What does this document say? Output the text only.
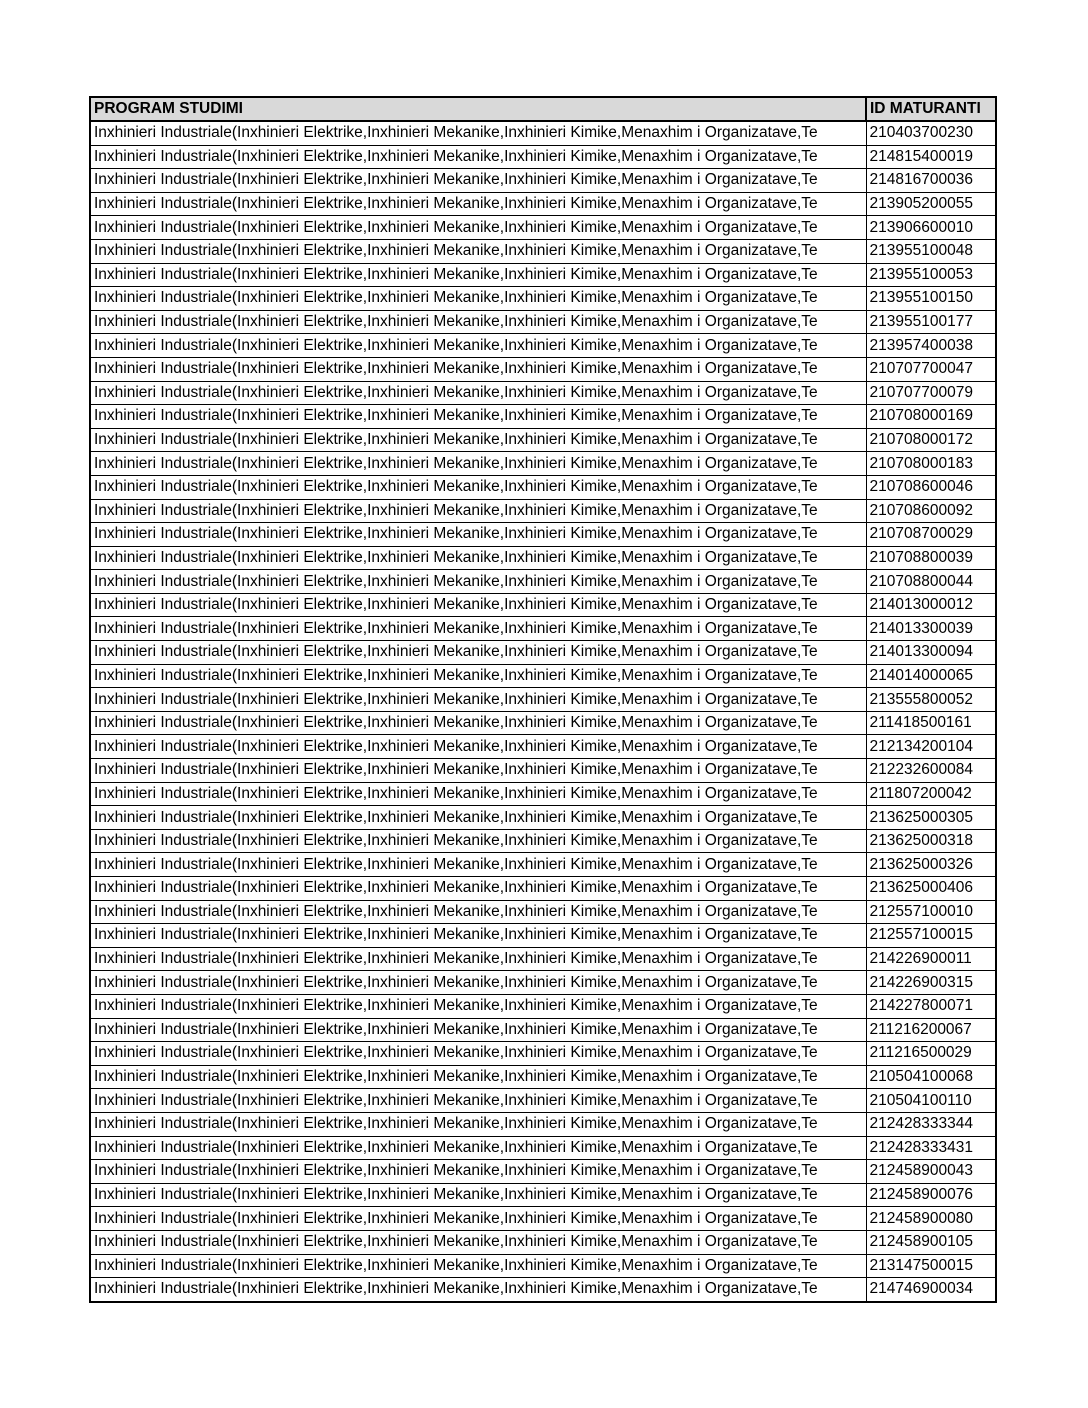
PROGRAM STUDIMI	ID MATURANTI
Inxhinieri Industriale(Inxhinieri Elektrike,Inxhinieri Mekanike,Inxhinieri Kimike,Menaxhim i Organizatave,Te	210403700230
Inxhinieri Industriale(Inxhinieri Elektrike,Inxhinieri Mekanike,Inxhinieri Kimike,Menaxhim i Organizatave,Te	214815400019
Inxhinieri Industriale(Inxhinieri Elektrike,Inxhinieri Mekanike,Inxhinieri Kimike,Menaxhim i Organizatave,Te	214816700036
Inxhinieri Industriale(Inxhinieri Elektrike,Inxhinieri Mekanike,Inxhinieri Kimike,Menaxhim i Organizatave,Te	213905200055
Inxhinieri Industriale(Inxhinieri Elektrike,Inxhinieri Mekanike,Inxhinieri Kimike,Menaxhim i Organizatave,Te	213906600010
Inxhinieri Industriale(Inxhinieri Elektrike,Inxhinieri Mekanike,Inxhinieri Kimike,Menaxhim i Organizatave,Te	213955100048
Inxhinieri Industriale(Inxhinieri Elektrike,Inxhinieri Mekanike,Inxhinieri Kimike,Menaxhim i Organizatave,Te	213955100053
Inxhinieri Industriale(Inxhinieri Elektrike,Inxhinieri Mekanike,Inxhinieri Kimike,Menaxhim i Organizatave,Te	213955100150
Inxhinieri Industriale(Inxhinieri Elektrike,Inxhinieri Mekanike,Inxhinieri Kimike,Menaxhim i Organizatave,Te	213955100177
Inxhinieri Industriale(Inxhinieri Elektrike,Inxhinieri Mekanike,Inxhinieri Kimike,Menaxhim i Organizatave,Te	213957400038
Inxhinieri Industriale(Inxhinieri Elektrike,Inxhinieri Mekanike,Inxhinieri Kimike,Menaxhim i Organizatave,Te	210707700047
Inxhinieri Industriale(Inxhinieri Elektrike,Inxhinieri Mekanike,Inxhinieri Kimike,Menaxhim i Organizatave,Te	210707700079
Inxhinieri Industriale(Inxhinieri Elektrike,Inxhinieri Mekanike,Inxhinieri Kimike,Menaxhim i Organizatave,Te	210708000169
Inxhinieri Industriale(Inxhinieri Elektrike,Inxhinieri Mekanike,Inxhinieri Kimike,Menaxhim i Organizatave,Te	210708000172
Inxhinieri Industriale(Inxhinieri Elektrike,Inxhinieri Mekanike,Inxhinieri Kimike,Menaxhim i Organizatave,Te	210708000183
Inxhinieri Industriale(Inxhinieri Elektrike,Inxhinieri Mekanike,Inxhinieri Kimike,Menaxhim i Organizatave,Te	210708600046
Inxhinieri Industriale(Inxhinieri Elektrike,Inxhinieri Mekanike,Inxhinieri Kimike,Menaxhim i Organizatave,Te	210708600092
Inxhinieri Industriale(Inxhinieri Elektrike,Inxhinieri Mekanike,Inxhinieri Kimike,Menaxhim i Organizatave,Te	210708700029
Inxhinieri Industriale(Inxhinieri Elektrike,Inxhinieri Mekanike,Inxhinieri Kimike,Menaxhim i Organizatave,Te	210708800039
Inxhinieri Industriale(Inxhinieri Elektrike,Inxhinieri Mekanike,Inxhinieri Kimike,Menaxhim i Organizatave,Te	210708800044
Inxhinieri Industriale(Inxhinieri Elektrike,Inxhinieri Mekanike,Inxhinieri Kimike,Menaxhim i Organizatave,Te	214013000012
Inxhinieri Industriale(Inxhinieri Elektrike,Inxhinieri Mekanike,Inxhinieri Kimike,Menaxhim i Organizatave,Te	214013300039
Inxhinieri Industriale(Inxhinieri Elektrike,Inxhinieri Mekanike,Inxhinieri Kimike,Menaxhim i Organizatave,Te	214013300094
Inxhinieri Industriale(Inxhinieri Elektrike,Inxhinieri Mekanike,Inxhinieri Kimike,Menaxhim i Organizatave,Te	214014000065
Inxhinieri Industriale(Inxhinieri Elektrike,Inxhinieri Mekanike,Inxhinieri Kimike,Menaxhim i Organizatave,Te	213555800052
Inxhinieri Industriale(Inxhinieri Elektrike,Inxhinieri Mekanike,Inxhinieri Kimike,Menaxhim i Organizatave,Te	211418500161
Inxhinieri Industriale(Inxhinieri Elektrike,Inxhinieri Mekanike,Inxhinieri Kimike,Menaxhim i Organizatave,Te	212134200104
Inxhinieri Industriale(Inxhinieri Elektrike,Inxhinieri Mekanike,Inxhinieri Kimike,Menaxhim i Organizatave,Te	212232600084
Inxhinieri Industriale(Inxhinieri Elektrike,Inxhinieri Mekanike,Inxhinieri Kimike,Menaxhim i Organizatave,Te	211807200042
Inxhinieri Industriale(Inxhinieri Elektrike,Inxhinieri Mekanike,Inxhinieri Kimike,Menaxhim i Organizatave,Te	213625000305
Inxhinieri Industriale(Inxhinieri Elektrike,Inxhinieri Mekanike,Inxhinieri Kimike,Menaxhim i Organizatave,Te	213625000318
Inxhinieri Industriale(Inxhinieri Elektrike,Inxhinieri Mekanike,Inxhinieri Kimike,Menaxhim i Organizatave,Te	213625000326
Inxhinieri Industriale(Inxhinieri Elektrike,Inxhinieri Mekanike,Inxhinieri Kimike,Menaxhim i Organizatave,Te	213625000406
Inxhinieri Industriale(Inxhinieri Elektrike,Inxhinieri Mekanike,Inxhinieri Kimike,Menaxhim i Organizatave,Te	212557100010
Inxhinieri Industriale(Inxhinieri Elektrike,Inxhinieri Mekanike,Inxhinieri Kimike,Menaxhim i Organizatave,Te	212557100015
Inxhinieri Industriale(Inxhinieri Elektrike,Inxhinieri Mekanike,Inxhinieri Kimike,Menaxhim i Organizatave,Te	214226900011
Inxhinieri Industriale(Inxhinieri Elektrike,Inxhinieri Mekanike,Inxhinieri Kimike,Menaxhim i Organizatave,Te	214226900315
Inxhinieri Industriale(Inxhinieri Elektrike,Inxhinieri Mekanike,Inxhinieri Kimike,Menaxhim i Organizatave,Te	214227800071
Inxhinieri Industriale(Inxhinieri Elektrike,Inxhinieri Mekanike,Inxhinieri Kimike,Menaxhim i Organizatave,Te	211216200067
Inxhinieri Industriale(Inxhinieri Elektrike,Inxhinieri Mekanike,Inxhinieri Kimike,Menaxhim i Organizatave,Te	211216500029
Inxhinieri Industriale(Inxhinieri Elektrike,Inxhinieri Mekanike,Inxhinieri Kimike,Menaxhim i Organizatave,Te	210504100068
Inxhinieri Industriale(Inxhinieri Elektrike,Inxhinieri Mekanike,Inxhinieri Kimike,Menaxhim i Organizatave,Te	210504100110
Inxhinieri Industriale(Inxhinieri Elektrike,Inxhinieri Mekanike,Inxhinieri Kimike,Menaxhim i Organizatave,Te	212428333344
Inxhinieri Industriale(Inxhinieri Elektrike,Inxhinieri Mekanike,Inxhinieri Kimike,Menaxhim i Organizatave,Te	212428333431
Inxhinieri Industriale(Inxhinieri Elektrike,Inxhinieri Mekanike,Inxhinieri Kimike,Menaxhim i Organizatave,Te	212458900043
Inxhinieri Industriale(Inxhinieri Elektrike,Inxhinieri Mekanike,Inxhinieri Kimike,Menaxhim i Organizatave,Te	212458900076
Inxhinieri Industriale(Inxhinieri Elektrike,Inxhinieri Mekanike,Inxhinieri Kimike,Menaxhim i Organizatave,Te	212458900080
Inxhinieri Industriale(Inxhinieri Elektrike,Inxhinieri Mekanike,Inxhinieri Kimike,Menaxhim i Organizatave,Te	212458900105
Inxhinieri Industriale(Inxhinieri Elektrike,Inxhinieri Mekanike,Inxhinieri Kimike,Menaxhim i Organizatave,Te	213147500015
Inxhinieri Industriale(Inxhinieri Elektrike,Inxhinieri Mekanike,Inxhinieri Kimike,Menaxhim i Organizatave,Te	214746900034
